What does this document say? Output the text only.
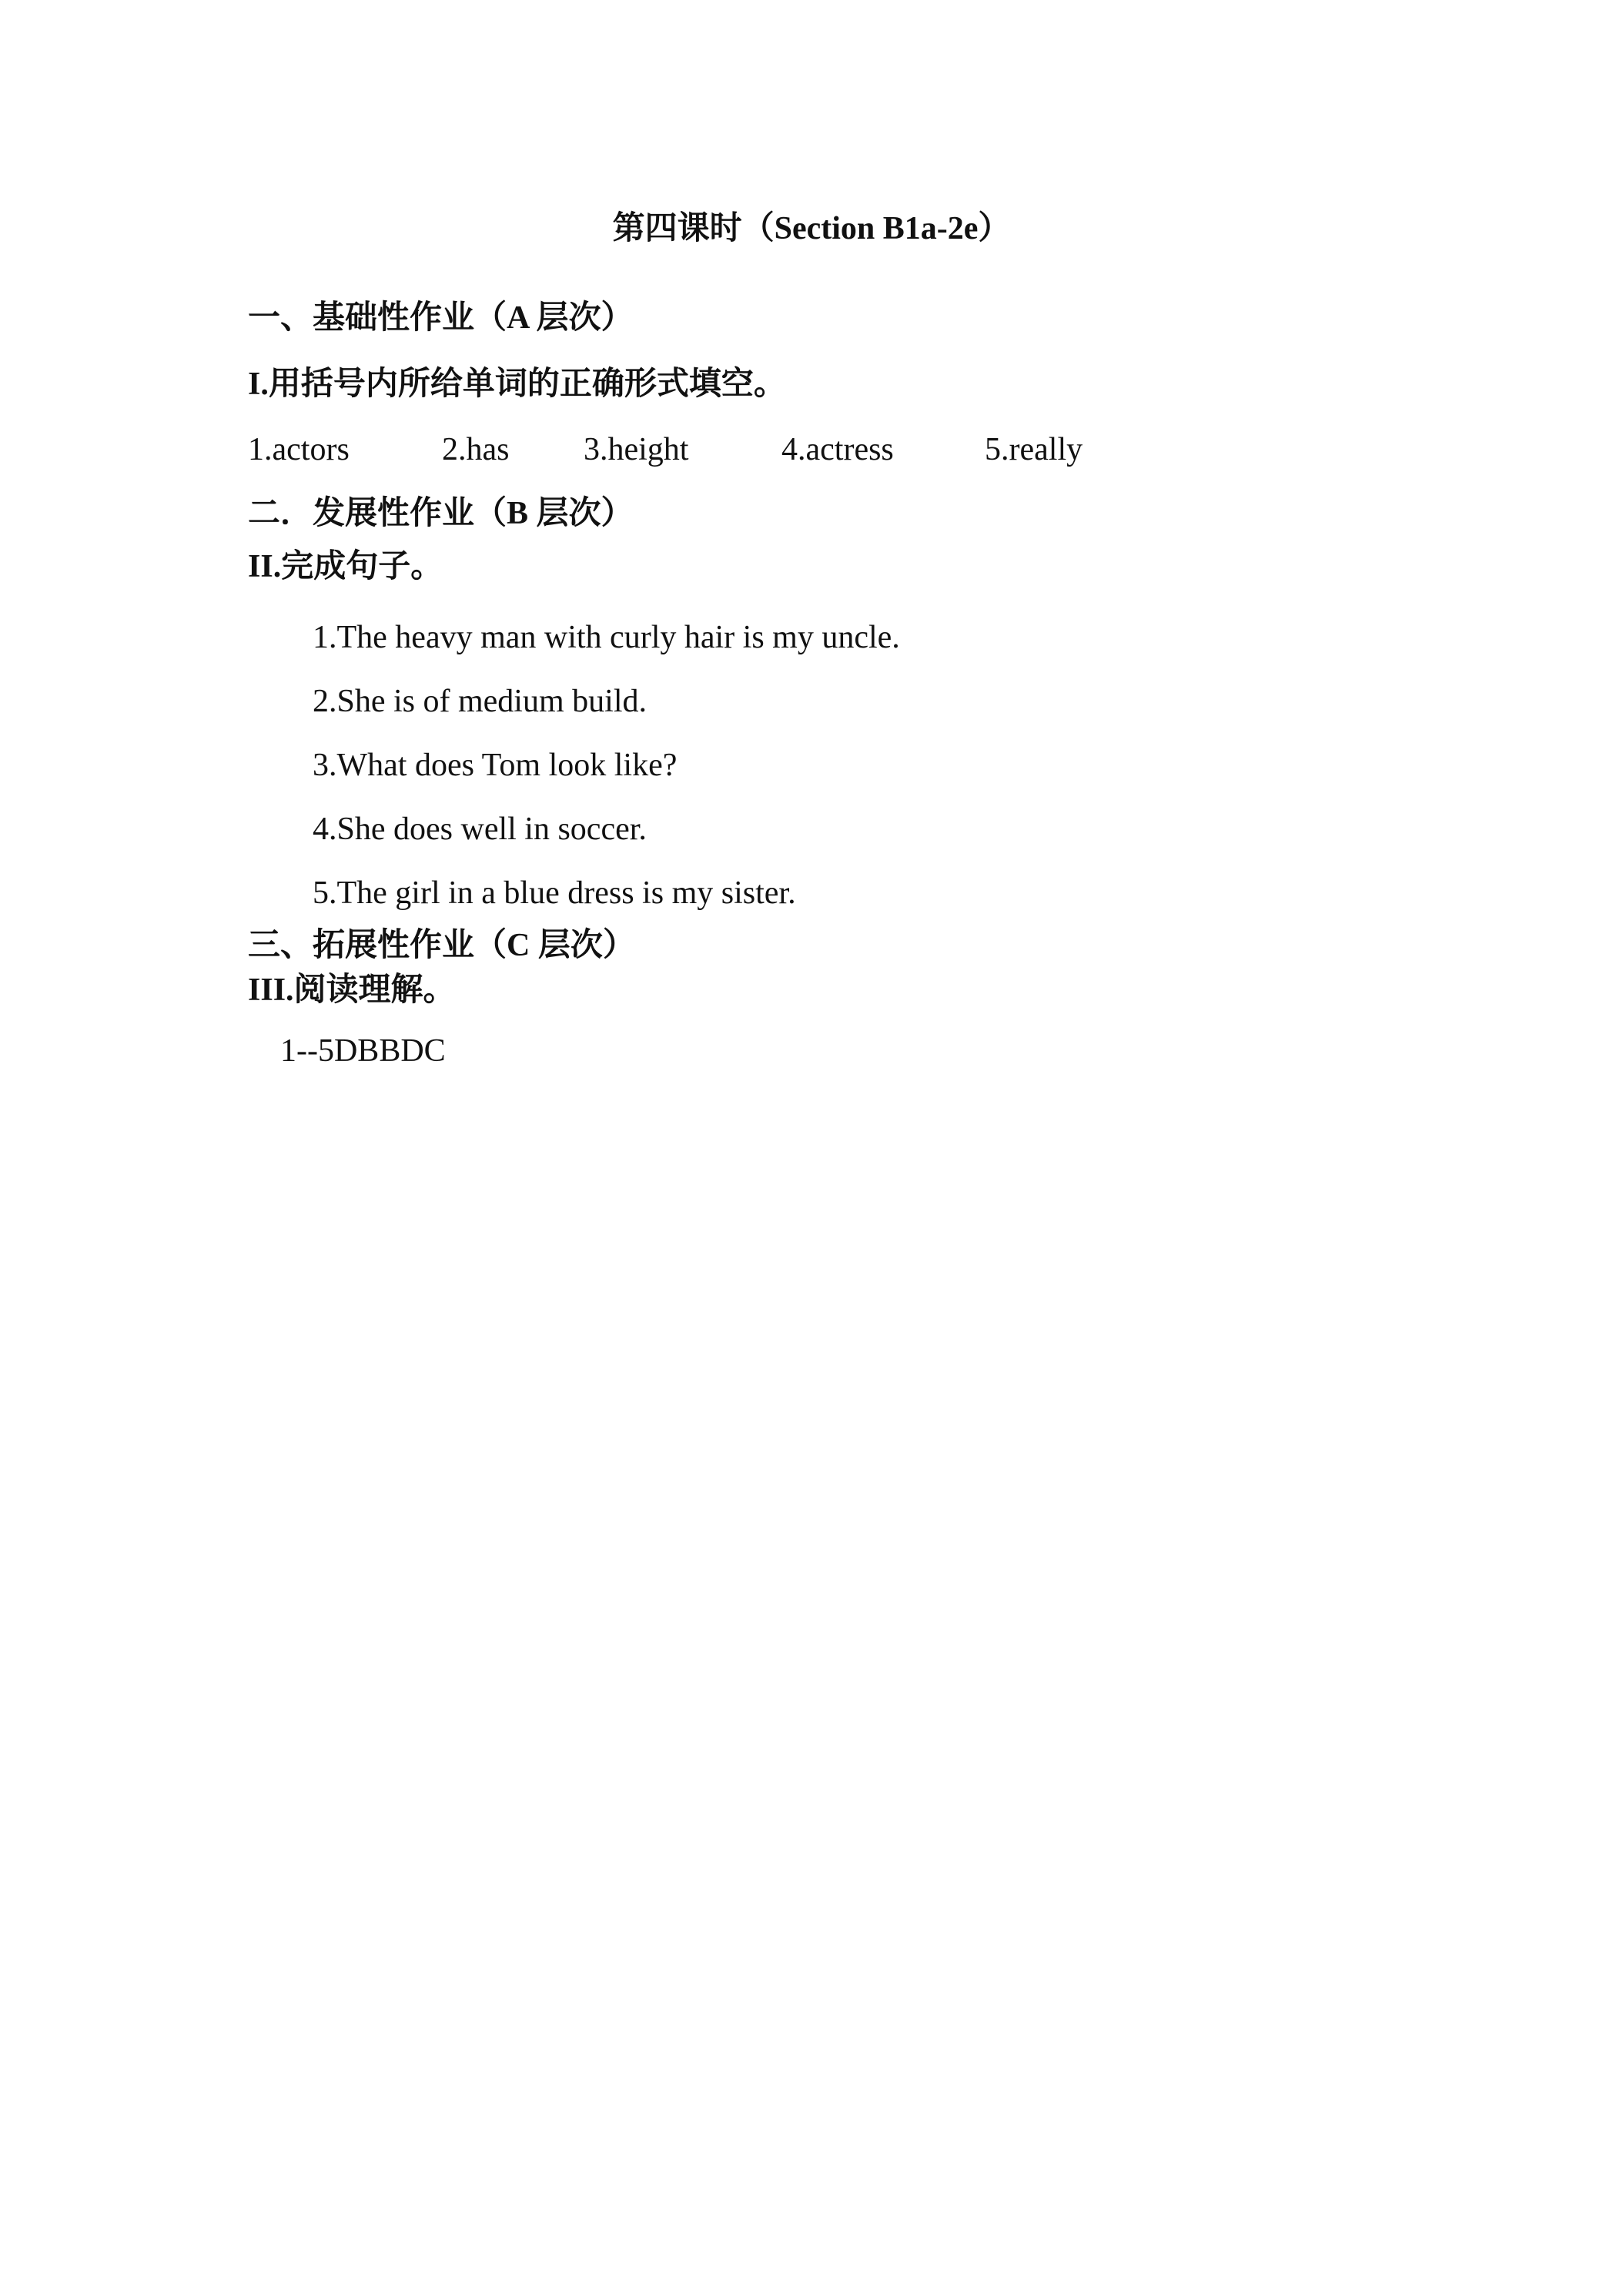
第四课时（Section B1a-2e）
一、基础性作业（A 层次）
I.用括号内所给单词的正确形式填空。
1.actors	2.has 3.height	4.actress	5.really
二．发展性作业（B 层次）
II.完成句子。
1.The heavy man with curly hair is my uncle.
2.She is of medium build.
3.What does Tom look like?
4.She does well in soccer.
5.The girl in a blue dress is my sister.
三、拓展性作业（C 层次）
III.阅读理解。
1--5DBBDC
